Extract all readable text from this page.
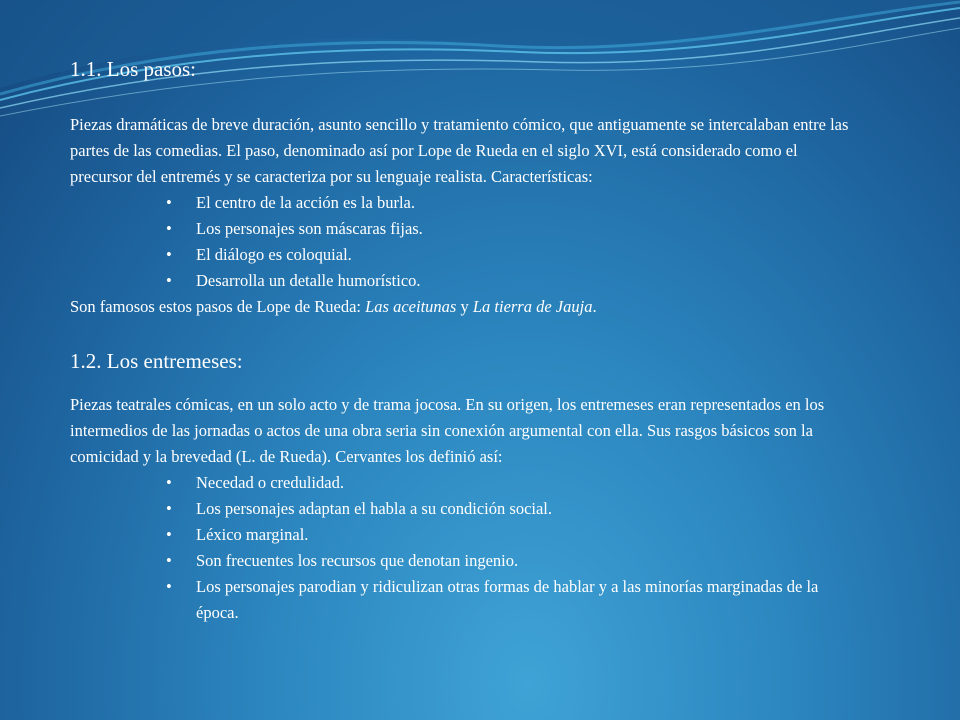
1.1. Los pasos:

Piezas dramáticas de breve duración, asunto sencillo y tratamiento cómico, que antiguamente se intercalaban entre las partes de las comedias. El paso, denominado así por Lope de Rueda en el siglo XVI, está considerado como el precursor del entremés y se caracteriza por su lenguaje realista. Características:

• El centro de la acción es la burla.
• Los personajes son máscaras fijas.
• El diálogo es coloquial.
• Desarrolla un detalle humorístico.

Son famosos estos pasos de Lope de Rueda: Las aceitunas y La tierra de Jauja.

1.2. Los entremeses:

Piezas teatrales cómicas, en un solo acto y de trama jocosa. En su origen, los entremeses eran representados en los intermedios de las jornadas o actos de una obra seria sin conexión argumental con ella. Sus rasgos básicos son la comicidad y la brevedad (L. de Rueda). Cervantes los definió así:

• Necedad o credulidad.
• Los personajes adaptan el habla a su condición social.
• Léxico marginal.
• Son frecuentes los recursos que denotan ingenio.
• Los personajes parodian y ridiculizan otras formas de hablar y a las minorías marginadas de la época.
